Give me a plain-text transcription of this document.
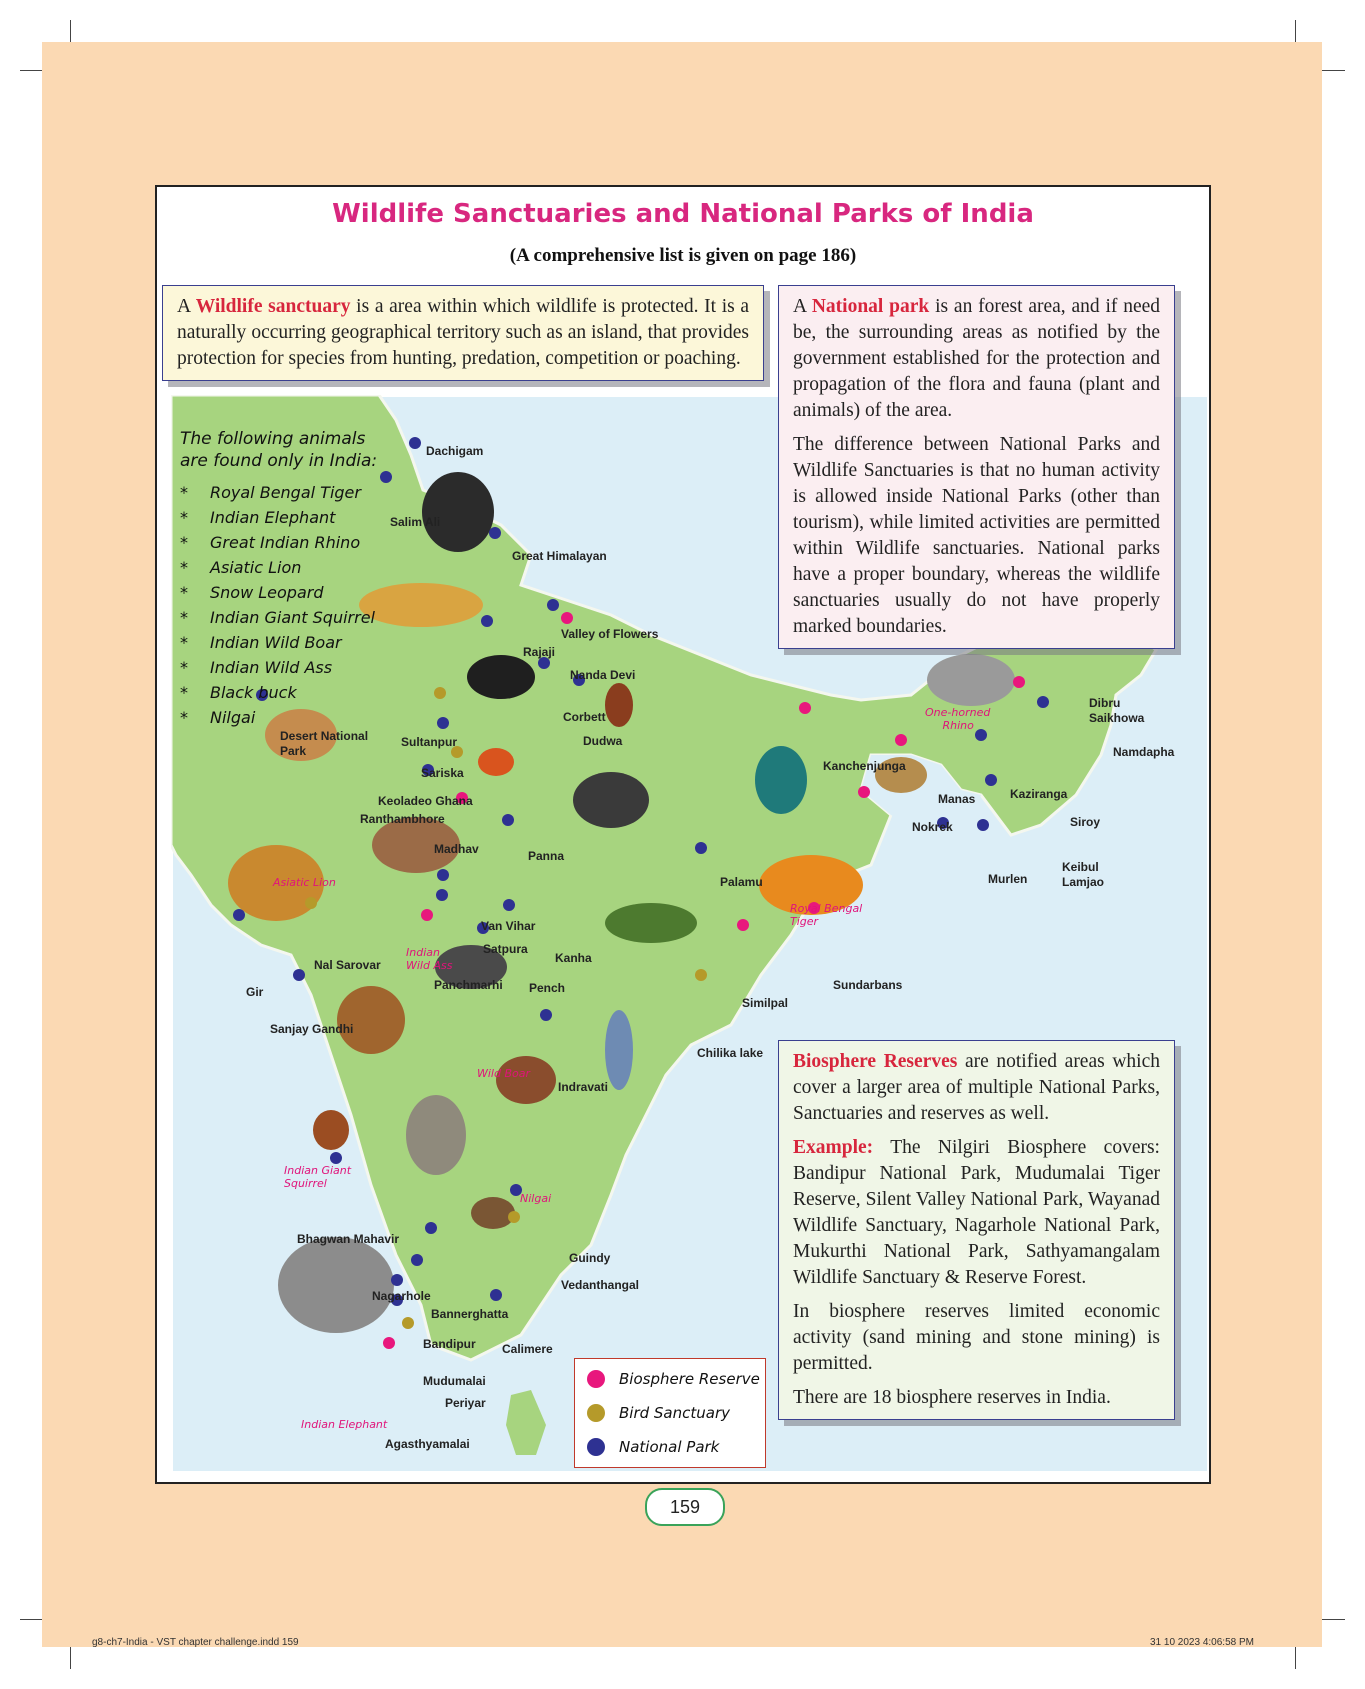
Wildlife Sanctuaries and National Parks of India
(A comprehensive list is given on page 186)
Dachigam
Salim Ali
Great Himalayan
Valley of Flowers
Rajaji
Nanda Devi
Corbett
Dudwa
Desert National
Park
Sultanpur
Sariska
Keoladeo Ghana
Ranthambhore
Madhav	Panna
Palamu
Van Vihar
Satpura
Kanha
Panchmarhi Pench
Nal Sarovar
Gir
Sanjay Gandhi
Similpal
Chilika lake
Indravati
Sundarbans
Kanchenjunga
Manas	Kaziranga
Nokrek	Siroy
Murlen
Keibul
Lamjao
Dibru
Saikhowa
Namdapha
Bhagwan Mahavir
Guindy
Vedanthangal
Nagarhole
Bannerghatta
Bandipur Calimere
Mudumalai
Periyar
Agasthyamalai
One-horned
Rhino
Asiatic Lion
Indian
Wild Ass
Royal Bengal
Tiger
Wild Boar
Indian Giant
Squirrel
Nilgai
Indian Elephant
The following animals
are found only in India:
* Royal Bengal Tiger
* Indian Elephant
* Great Indian Rhino
* Asiatic Lion
* Snow Leopard
* Indian Giant Squirrel
* Indian Wild Boar
* Indian Wild Ass
* Black buck
* Nilgai
A Wildlife sanctuary is a area within which wildlife is protected. It is a naturally occurring geographical territory such as an island, that provides protection for species from hunting, predation, competition or poaching.

A National park is an forest area, and if need be, the surrounding areas as notified by the government established for the protection and propagation of the flora and fauna (plant and animals) of the area.

The difference between National Parks and Wildlife Sanctuaries is that no human activity is allowed inside National Parks (other than tourism), while limited activities are permitted within Wildlife sanctuaries. National parks have a proper boundary, whereas the wildlife sanctuaries usually do not have properly marked boundaries.

Biosphere Reserves are notified areas which cover a larger area of multiple National Parks, Sanctuaries and reserves as well.

Example: The Nilgiri Biosphere covers: Bandipur National Park, Mudumalai Tiger Reserve, Silent Valley National Park, Wayanad Wildlife Sanctuary, Nagarhole National Park, Mukurthi National Park, Sathyamangalam Wildlife Sanctuary & Reserve Forest.

In biosphere reserves limited economic activity (sand mining and stone mining) is permitted.

There are 18 biosphere reserves in India.

Biosphere Reserve
Bird Sanctuary
National Park
159
g8-ch7-India - VST chapter challenge.indd 159	31 10 2023 4:06:58 PM
